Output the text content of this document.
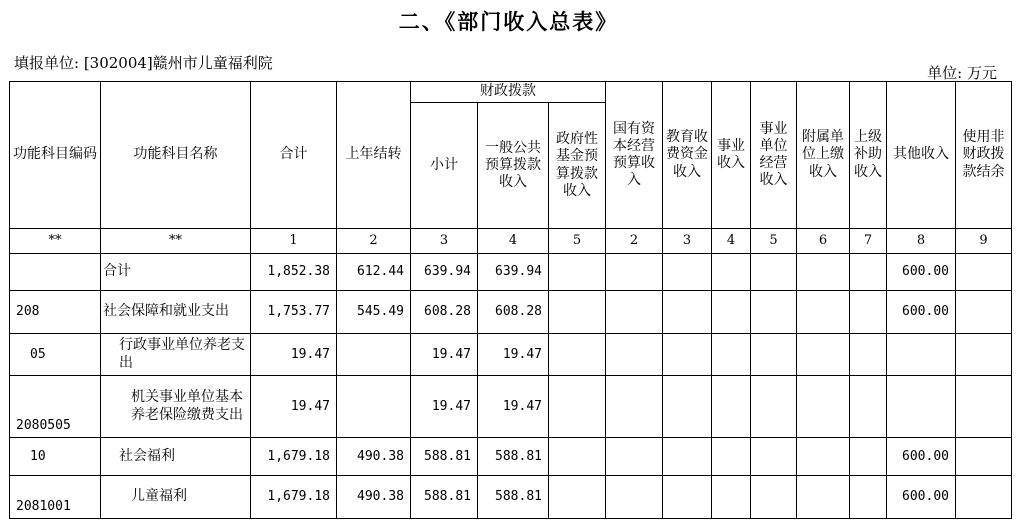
二、《部门收入总表》
填报单位: [302004]赣州市儿童福利院
单位: 万元
功能科目编码	功能科目名称	合计	上年结转	财政拨款			国有资本经营预算收入	教育收费资金收入	事业收入	事业单位经营收入	附属单位上缴收入	上级补助收入	其他收入	使用非财政拨款结余
				小计	一般公共预算拨款收入	政府性基金预算拨款收入								
**	**	1	2	3	4	5	2	3	4	5	6	7	8	9
	合计	1,852.38	612.44	639.94	639.94								600.00	
208	社会保障和就业支出	1,753.77	545.49	608.28	608.28								600.00	
05	行政事业单位养老支出	19.47		19.47	19.47									
2080505	机关事业单位基本养老保险缴费支出	19.47		19.47	19.47									
10	社会福利	1,679.18	490.38	588.81	588.81								600.00	
2081001	儿童福利	1,679.18	490.38	588.81	588.81								600.00	
